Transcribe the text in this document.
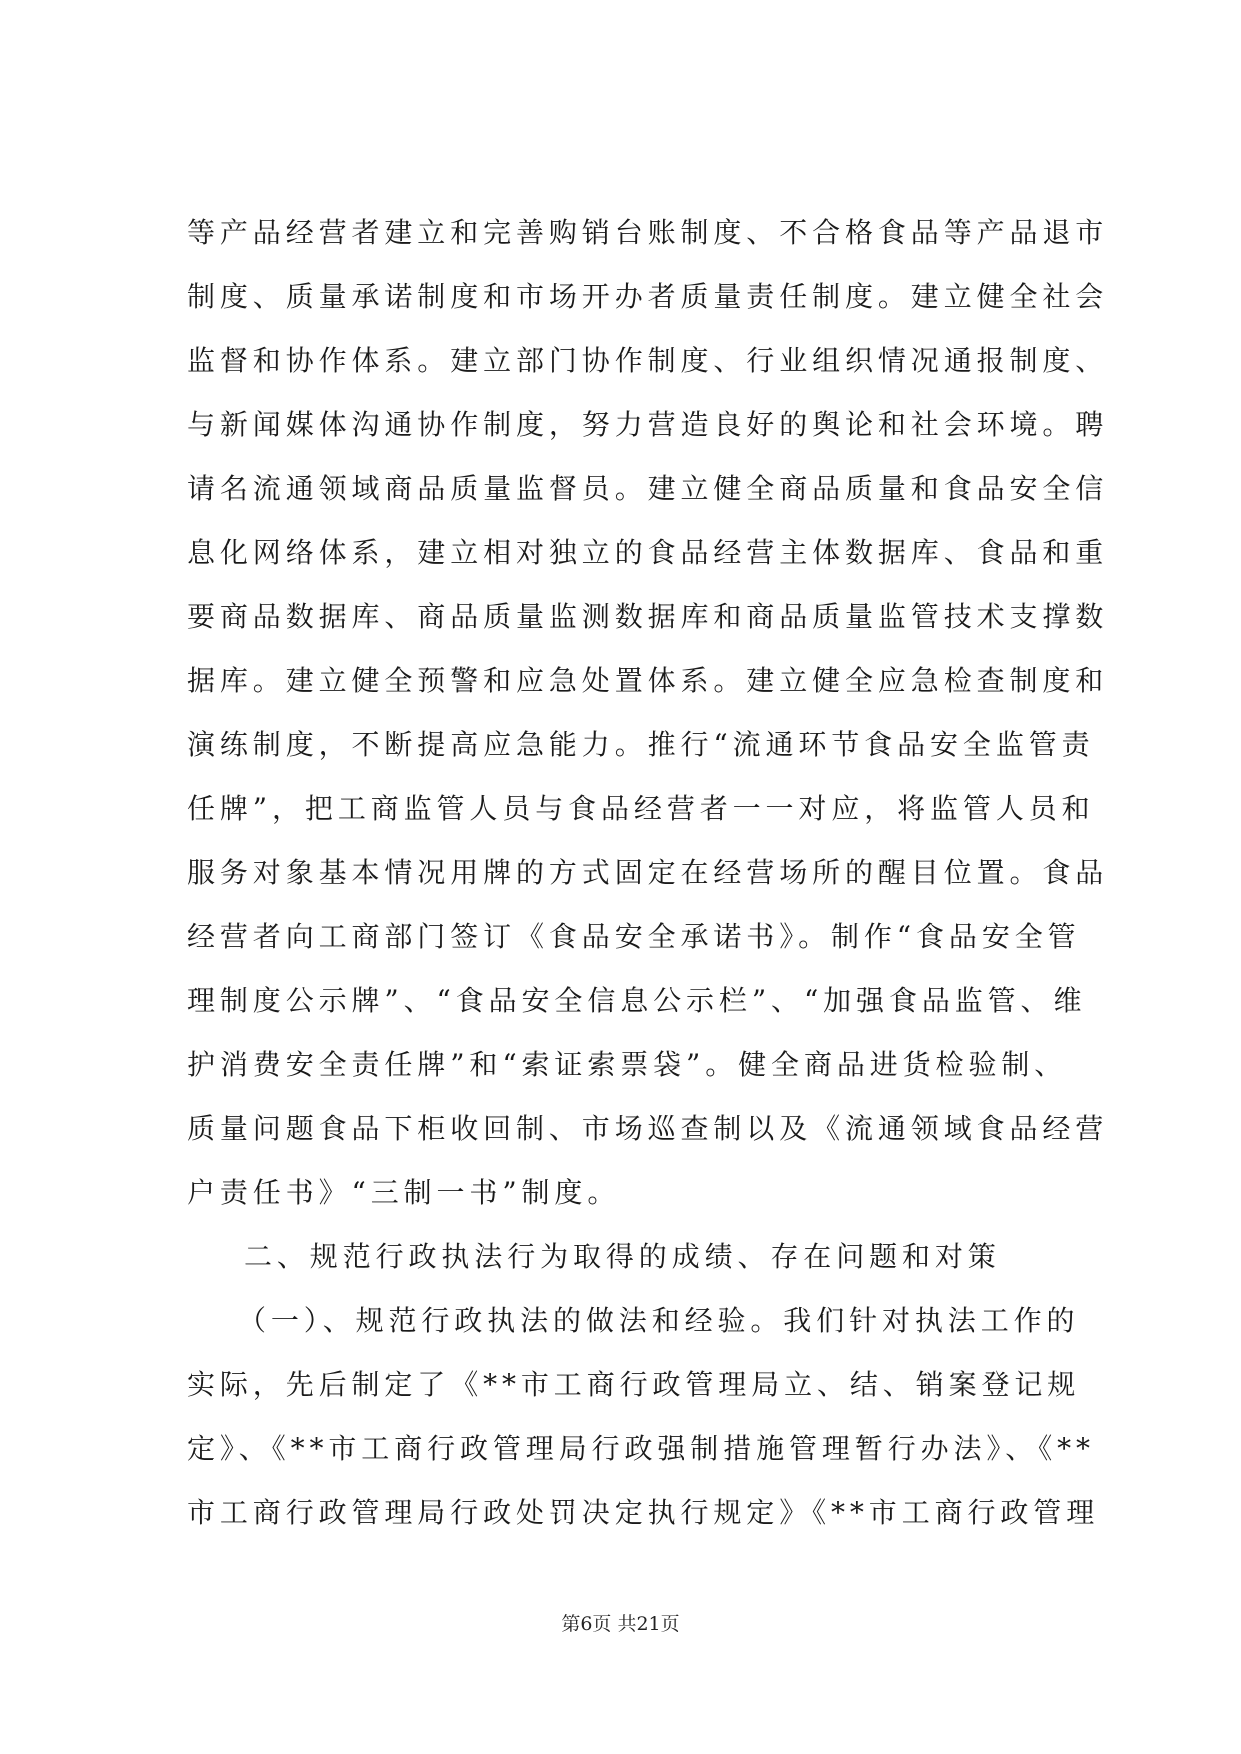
等产品经营者建立和完善购销台账制度、不合格食品等产品退市
制度、质量承诺制度和市场开办者质量责任制度。建立健全社会
监督和协作体系。建立部门协作制度、行业组织情况通报制度、
与新闻媒体沟通协作制度，努力营造良好的舆论和社会环境。聘
请名流通领域商品质量监督员。建立健全商品质量和食品安全信
息化网络体系，建立相对独立的食品经营主体数据库、食品和重
要商品数据库、商品质量监测数据库和商品质量监管技术支撑数
据库。建立健全预警和应急处置体系。建立健全应急检查制度和
演练制度，不断提高应急能力。推行“流通环节食品安全监管责
任牌”，把工商监管人员与食品经营者一一对应，将监管人员和
服务对象基本情况用牌的方式固定在经营场所的醒目位置。食品
经营者向工商部门签订《食品安全承诺书》。制作“食品安全管
理制度公示牌”、“食品安全信息公示栏”、“加强食品监管、维
护消费安全责任牌”和“索证索票袋”。健全商品进货检验制、
质量问题食品下柜收回制、市场巡查制以及《流通领域食品经营
户责任书》“三制一书”制度。
二、规范行政执法行为取得的成绩、存在问题和对策
（一）、规范行政执法的做法和经验。我们针对执法工作的
实际，先后制定了《**市工商行政管理局立、结、销案登记规
定》、《**市工商行政管理局行政强制措施管理暂行办法》、《**
市工商行政管理局行政处罚决定执行规定》《**市工商行政管理
第6页 共21页
